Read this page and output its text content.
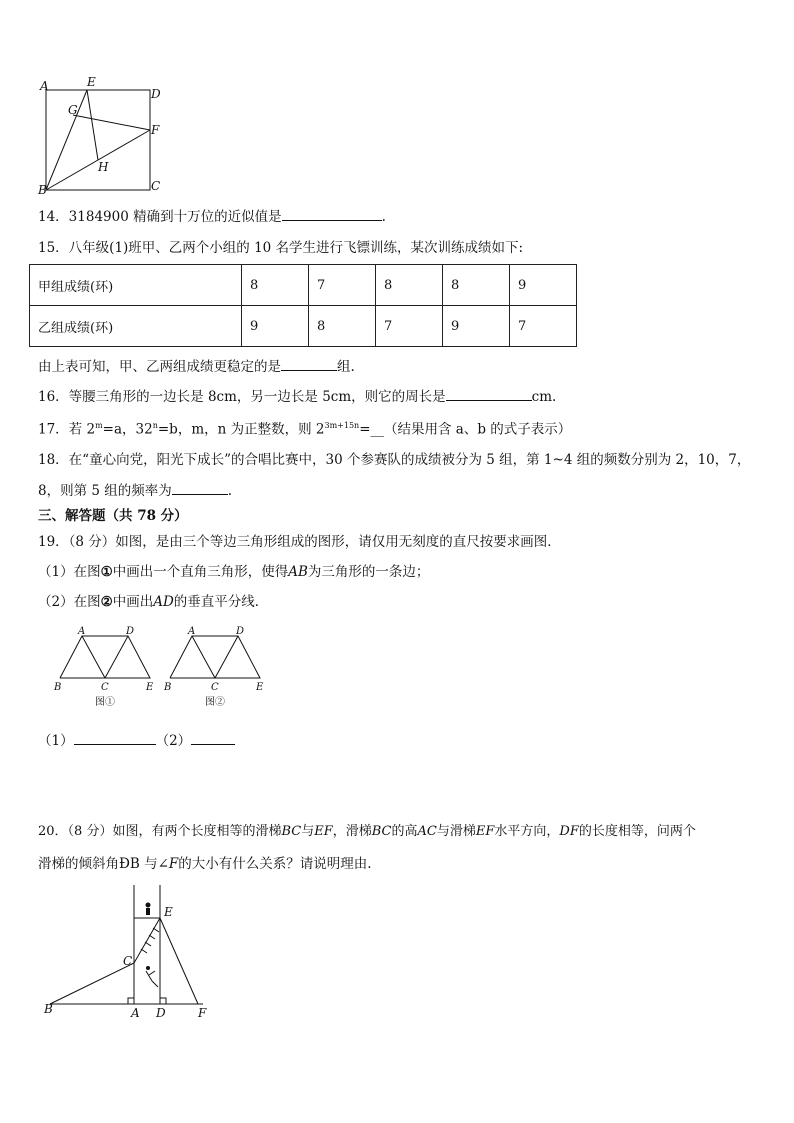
A	E
D
G
F
H
B	C
14．3184900 精确到十万位的近似值是	.
15．八年级(1)班甲、乙两个小组的 10 名学生进行飞镖训练，某次训练成绩如下:
甲组成绩(环)	8	7	8	8	9
乙组成绩(环)	9	8	7	9	7
由上表可知，甲、乙两组成绩更稳定的是	组.
16．等腰三角形的一边长是 8cm，另一边长是 5cm，则它的周长是	cm.
17．若 $2^m=a$，$32^n=b$，m，n 为正整数，则 $2^{3m+15n}=\_\_$（结果用含 a、b 的式子表示）
18．在“童心向党，阳光下成长”的合唱比赛中，30 个参赛队的成绩被分为 5 组，第 1~4 组的频数分别为 2，10，7，
8，则第 5 组的频率为	.
三、解答题（共 78 分）
19．（8 分）如图，是由三个等边三角形组成的图形，请仅用无刻度的直尺按要求画图．
（1）在图①中画出一个直角三角形，使得AB为三角形的一条边；
（2）在图②中画出AD的垂直平分线．
A	D
B	C	E
图①
A	D
B	C	E
图②
（1）	（2）
20．（8 分）如图，有两个长度相等的滑梯BC与EF，滑梯BC的高AC与滑梯EF水平方向，DF的长度相等，问两个
滑梯的倾斜角ÐB 与∠F的大小有什么关系？请说明理由.
E
C
B	A D	F
